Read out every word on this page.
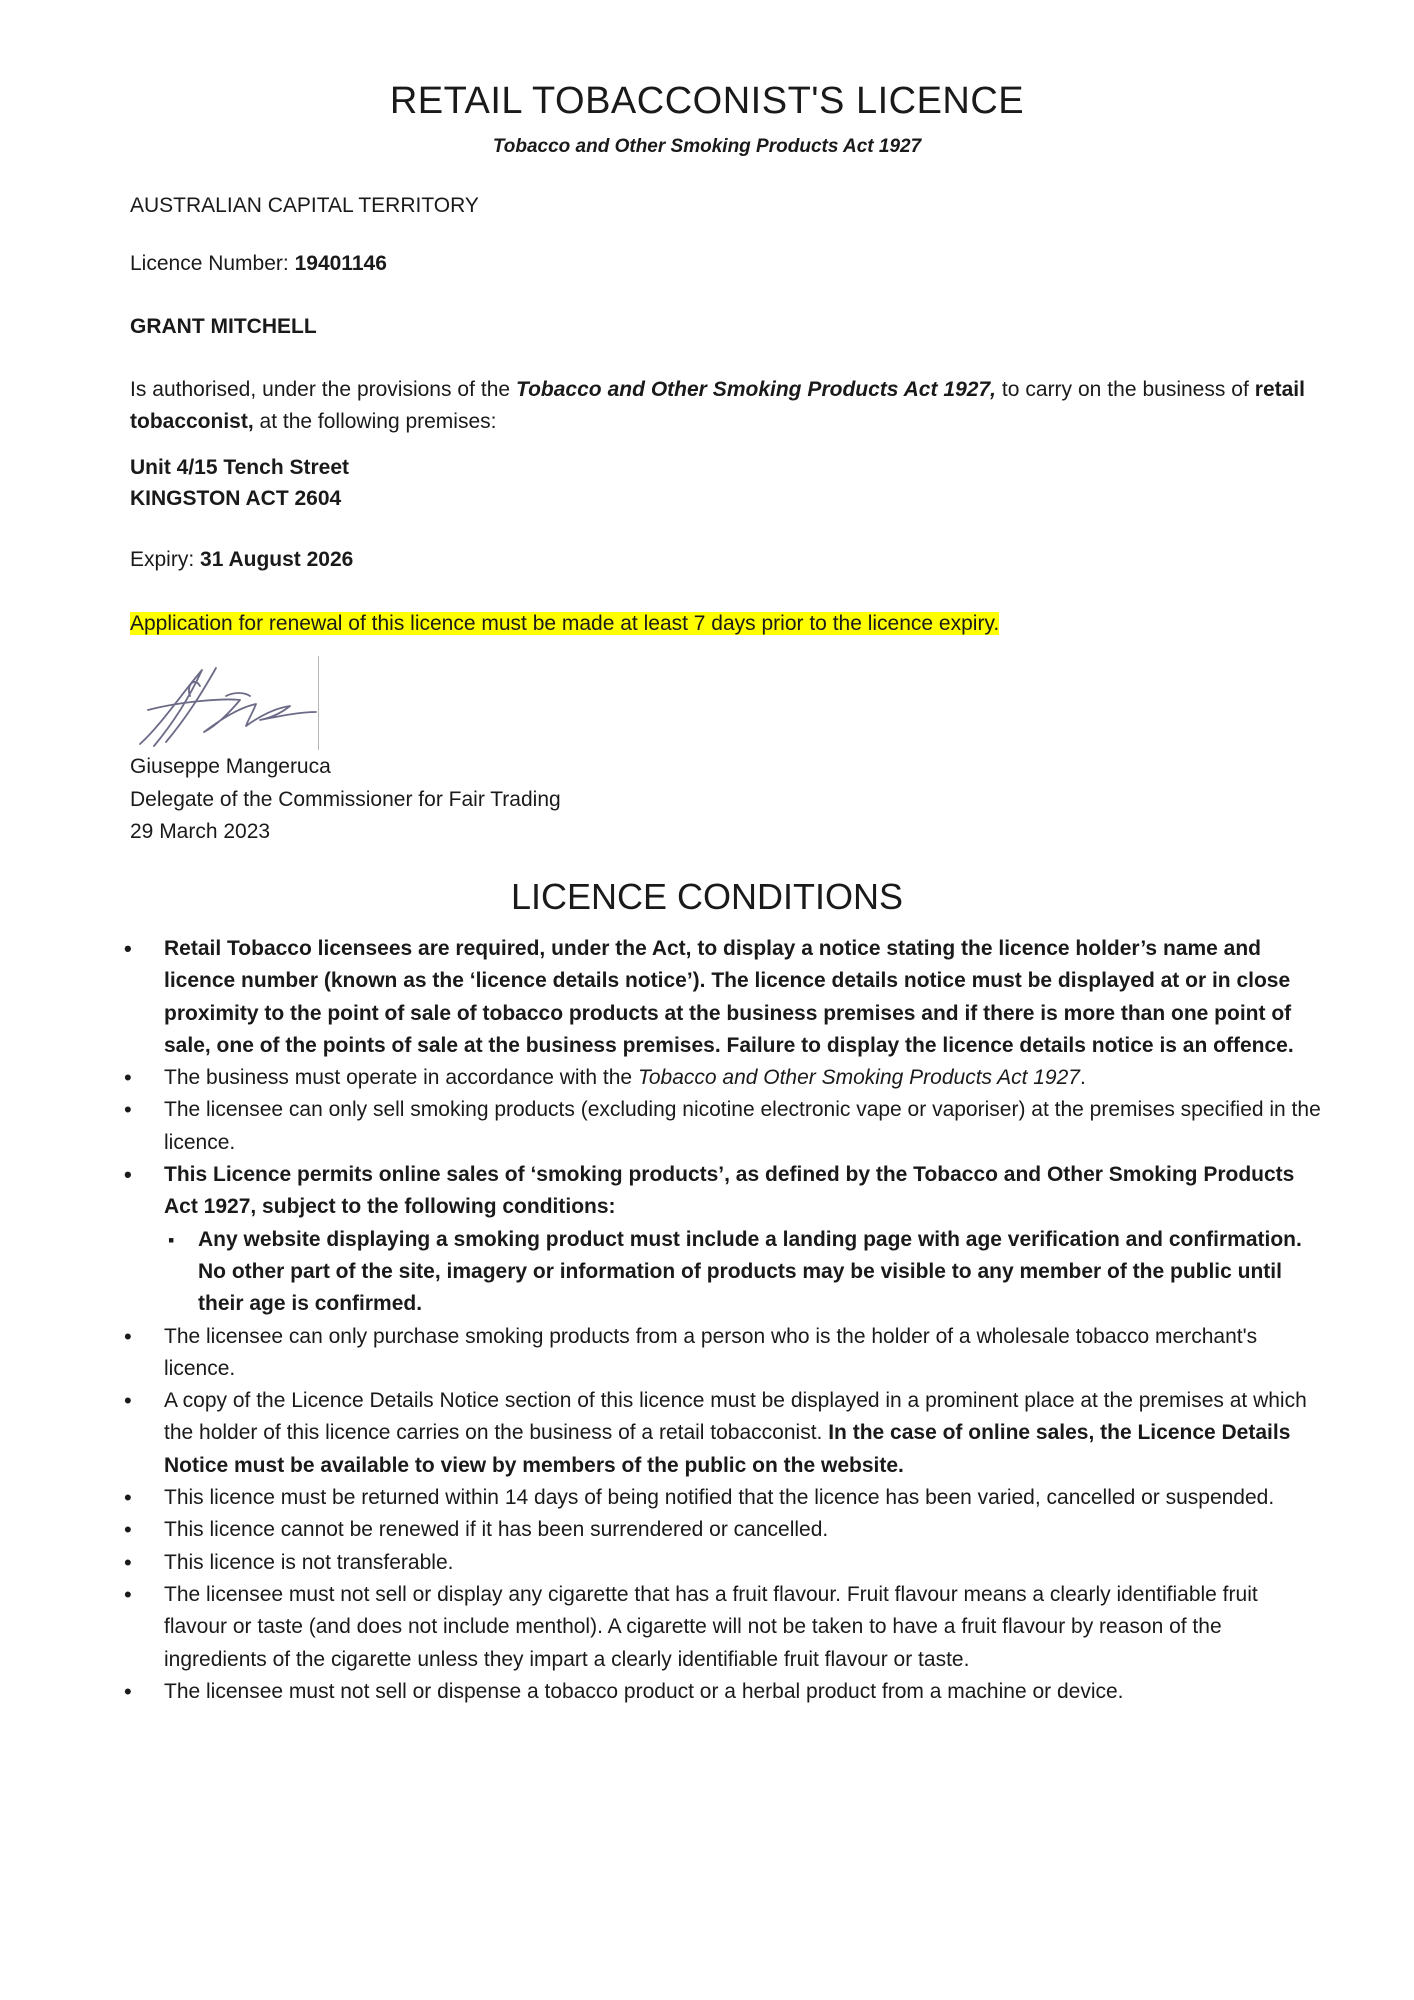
RETAIL TOBACCONIST'S LICENCE
Tobacco and Other Smoking Products Act 1927
AUSTRALIAN CAPITAL TERRITORY
Licence Number: 19401146
GRANT MITCHELL
Is authorised, under the provisions of the Tobacco and Other Smoking Products Act 1927, to carry on the business of retail tobacconist, at the following premises:
Unit 4/15 Tench Street
KINGSTON ACT 2604
Expiry: 31 August 2026
Application for renewal of this licence must be made at least 7 days prior to the licence expiry.
Giuseppe Mangeruca
Delegate of the Commissioner for Fair Trading
29 March 2023
LICENCE CONDITIONS
• Retail Tobacco licensees are required, under the Act, to display a notice stating the licence holder’s name and licence number (known as the ‘licence details notice’). The licence details notice must be displayed at or in close proximity to the point of sale of tobacco products at the business premises and if there is more than one point of sale, one of the points of sale at the business premises. Failure to display the licence details notice is an offence.
• The business must operate in accordance with the Tobacco and Other Smoking Products Act 1927.
• The licensee can only sell smoking products (excluding nicotine electronic vape or vaporiser) at the premises specified in the licence.
• This Licence permits online sales of ‘smoking products’, as defined by the Tobacco and Other Smoking Products Act 1927, subject to the following conditions:
▪ Any website displaying a smoking product must include a landing page with age verification and confirmation. No other part of the site, imagery or information of products may be visible to any member of the public until their age is confirmed.
• The licensee can only purchase smoking products from a person who is the holder of a wholesale tobacco merchant's licence.
• A copy of the Licence Details Notice section of this licence must be displayed in a prominent place at the premises at which the holder of this licence carries on the business of a retail tobacconist. In the case of online sales, the Licence Details Notice must be available to view by members of the public on the website.
• This licence must be returned within 14 days of being notified that the licence has been varied, cancelled or suspended.
• This licence cannot be renewed if it has been surrendered or cancelled.
• This licence is not transferable.
• The licensee must not sell or display any cigarette that has a fruit flavour. Fruit flavour means a clearly identifiable fruit flavour or taste (and does not include menthol). A cigarette will not be taken to have a fruit flavour by reason of the ingredients of the cigarette unless they impart a clearly identifiable fruit flavour or taste.
• The licensee must not sell or dispense a tobacco product or a herbal product from a machine or device.
